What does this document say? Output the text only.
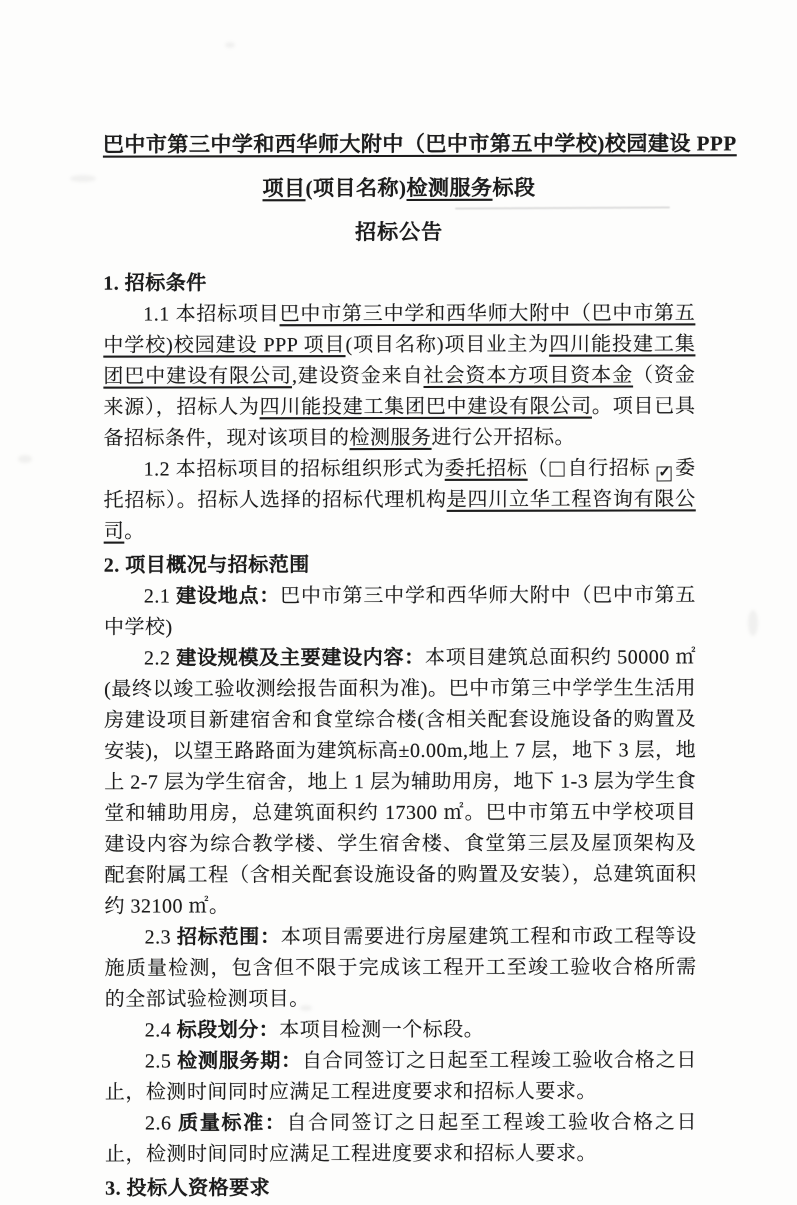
巴中市第三中学和西华师大附中（巴中市第五中学校)校园建设 PPP
项目(项目名称)检测服务标段
招标公告
1. 招标条件

1.1 本招标项目巴中市第三中学和西华师大附中（巴中市第五中学校)校园建设 PPP 项目(项目名称)项目业主为四川能投建工集团巴中建设有限公司,建设资金来自社会资本方项目资本金（资金来源），招标人为四川能投建工集团巴中建设有限公司。项目已具备招标条件，现对该项目的检测服务进行公开招标。

1.2 本招标项目的招标组织形式为委托招标（ 自行招标 ✓ 委托招标）。招标人选择的招标代理机构是四川立华工程咨询有限公司。

2. 项目概况与招标范围

2.1 建设地点：巴中市第三中学和西华师大附中（巴中市第五中学校)

2.2 建设规模及主要建设内容：本项目建筑总面积约 50000 ㎡(最终以竣工验收测绘报告面积为准)。巴中市第三中学学生生活用房建设项目新建宿舍和食堂综合楼(含相关配套设施设备的购置及安装)，以望王路路面为建筑标高±0.00m,地上 7 层，地下 3 层，地上 2-7 层为学生宿舍，地上 1 层为辅助用房，地下 1-3 层为学生食堂和辅助用房，总建筑面积约 17300 ㎡。巴中市第五中学校项目建设内容为综合教学楼、学生宿舍楼、食堂第三层及屋顶架构及配套附属工程（含相关配套设施设备的购置及安装），总建筑面积约 32100 ㎡。

2.3 招标范围：本项目需要进行房屋建筑工程和市政工程等设施质量检测，包含但不限于完成该工程开工至竣工验收合格所需的全部试验检测项目。

2.4 标段划分：本项目检测一个标段。

2.5 检测服务期：自合同签订之日起至工程竣工验收合格之日止，检测时间同时应满足工程进度要求和招标人要求。

2.6 质量标准：自合同签订之日起至工程竣工验收合格之日止，检测时间同时应满足工程进度要求和招标人要求。

3. 投标人资格要求
